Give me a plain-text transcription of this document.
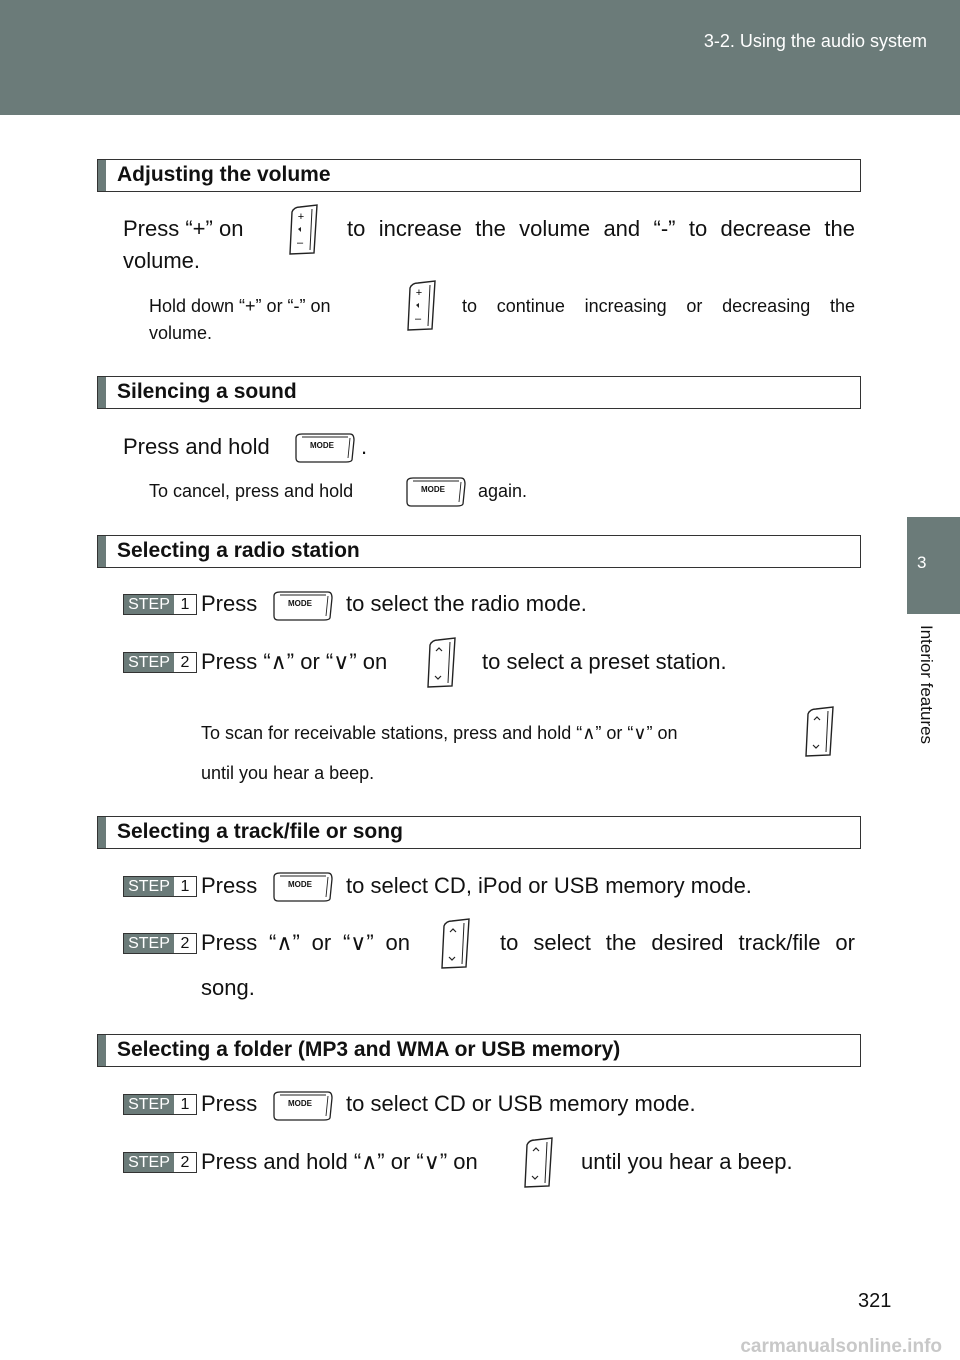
3-2. Using the audio system
3
Interior features
Adjusting the volume
Press “+” on	+
–
to increase the volume and “-” to decrease the
volume.
Hold down “+” or “-” on
+
–
to continue increasing or decreasing the
volume.
Silencing a sound
Press and hold	MODE	.
To cancel, press and hold	MODE	again.
Selecting a radio station
STEP 1 Press	MODE	to select the radio mode.
STEP 2 Press “∧” or “∨” on	to select a preset station.
To scan for receivable stations, press and hold “∧” or “∨” on
until you hear a beep.
Selecting a track/file or song
STEP 1 Press	MODE	to select CD, iPod or USB memory mode.
STEP 2 Press “∧” or “∨” on	to select the desired track/file or
song.
Selecting a folder (MP3 and WMA or USB memory)
STEP 1 Press	MODE	to select CD or USB memory mode.
STEP 2 Press and hold “∧” or “∨” on	until you hear a beep.
321
carmanualsonline.info
